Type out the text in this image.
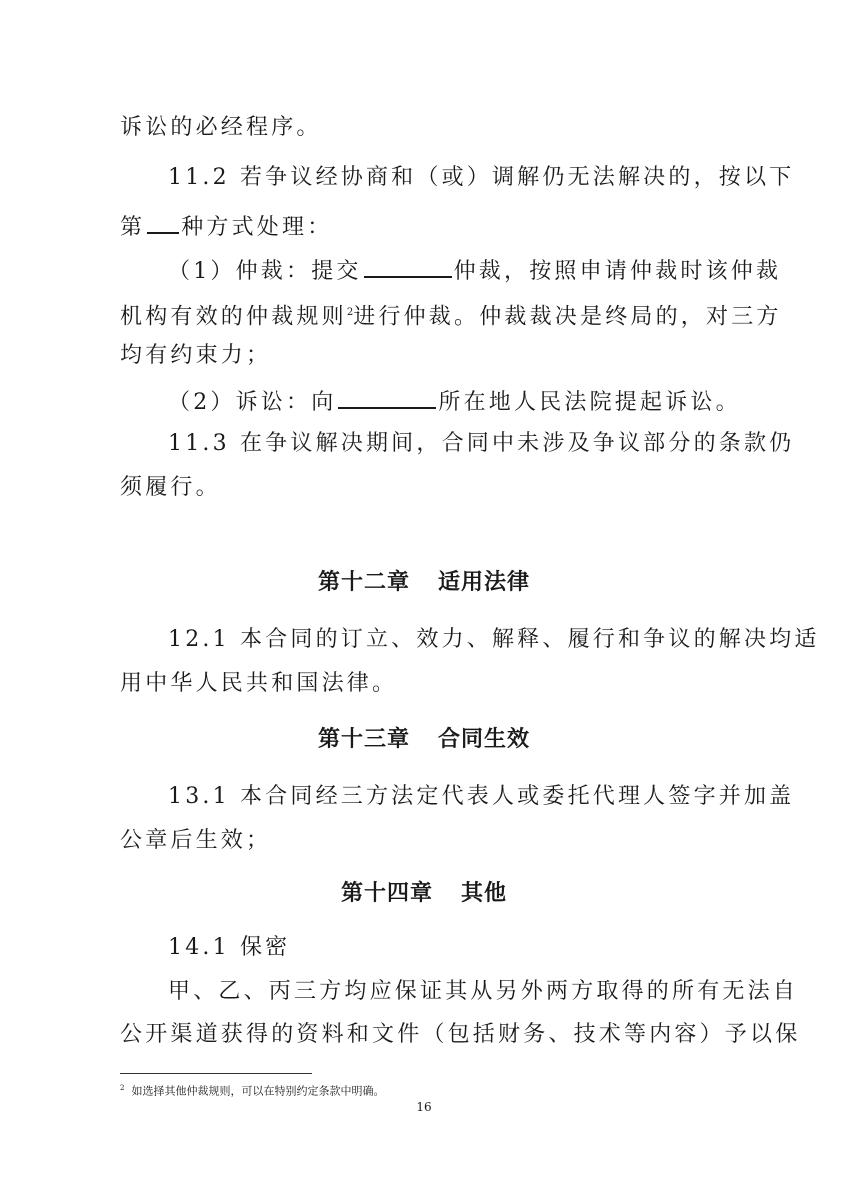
诉讼的必经程序。
11.2 若争议经协商和（或）调解仍无法解决的，按以下
第 种方式处理：
（1）仲裁：提交	仲裁，按照申请仲裁时该仲裁
机构有效的仲裁规则$^2$进行仲裁。仲裁裁决是终局的，对三方
均有约束力；
（2）诉讼：向	所在地人民法院提起诉讼。
11.3 在争议解决期间，合同中未涉及争议部分的条款仍
须履行。
第十二章 适用法律
12.1 本合同的订立、效力、解释、履行和争议的解决均适
用中华人民共和国法律。
第十三章 合同生效
13.1 本合同经三方法定代表人或委托代理人签字并加盖
公章后生效；
第十四章 其他
14.1 保密
甲、乙、丙三方均应保证其从另外两方取得的所有无法自
公开渠道获得的资料和文件（包括财务、技术等内容）予以保
$^2$ 如选择其他仲裁规则，可以在特别约定条款中明确。
16
